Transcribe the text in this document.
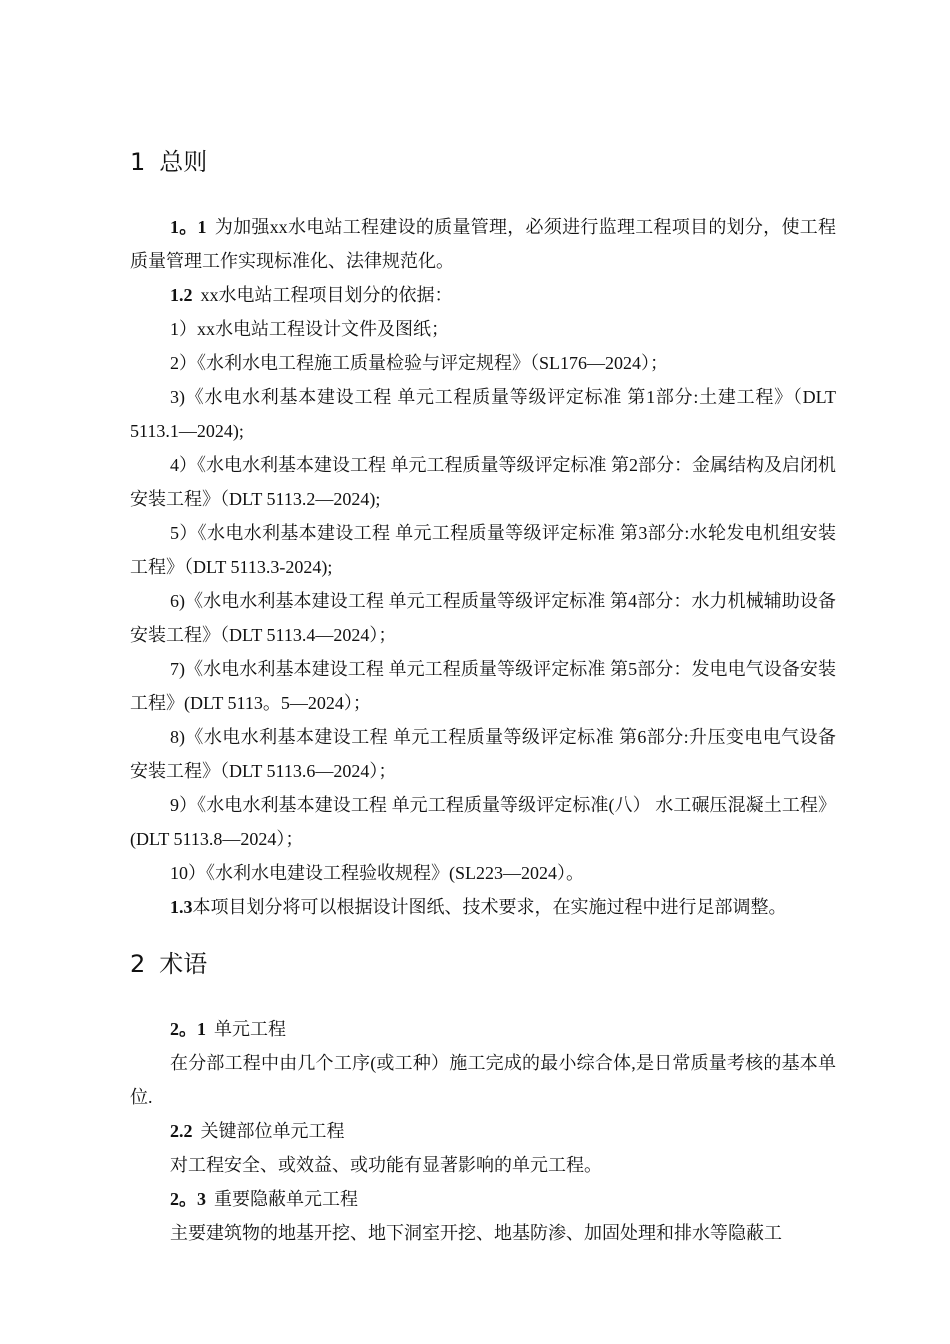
1 总则

1。1 为加强xx水电站工程建设的质量管理，必须进行监理工程项目的划分，使工程质量管理工作实现标准化、法律规范化。

1.2 xx水电站工程项目划分的依据：

1）xx水电站工程设计文件及图纸；

2）《水利水电工程施工质量检验与评定规程》（SL176—2024）；

3)《水电水利基本建设工程 单元工程质量等级评定标准 第1部分:土建工程》（DLT 5113.1—2024);

4）《水电水利基本建设工程 单元工程质量等级评定标准 第2部分：金属结构及启闭机安装工程》（DLT 5113.2—2024);

5）《水电水利基本建设工程 单元工程质量等级评定标准 第3部分:水轮发电机组安装工程》（DLT 5113.3-2024);

6)《水电水利基本建设工程 单元工程质量等级评定标准 第4部分：水力机械辅助设备安装工程》（DLT 5113.4—2024）；

7)《水电水利基本建设工程 单元工程质量等级评定标准 第5部分：发电电气设备安装工程》(DLT 5113。5—2024）；

8)《水电水利基本建设工程 单元工程质量等级评定标准 第6部分:升压变电电气设备安装工程》（DLT 5113.6—2024）；

9）《水电水利基本建设工程 单元工程质量等级评定标准(八） 水工碾压混凝土工程》(DLT 5113.8—2024）；

10）《水利水电建设工程验收规程》(SL223—2024）。

1.3本项目划分将可以根据设计图纸、技术要求，在实施过程中进行足部调整。

2 术语

2。1 单元工程

在分部工程中由几个工序(或工种）施工完成的最小综合体,是日常质量考核的基本单位.

2.2 关键部位单元工程

对工程安全、或效益、或功能有显著影响的单元工程。

2。3 重要隐蔽单元工程

主要建筑物的地基开挖、地下洞室开挖、地基防渗、加固处理和排水等隐蔽工
